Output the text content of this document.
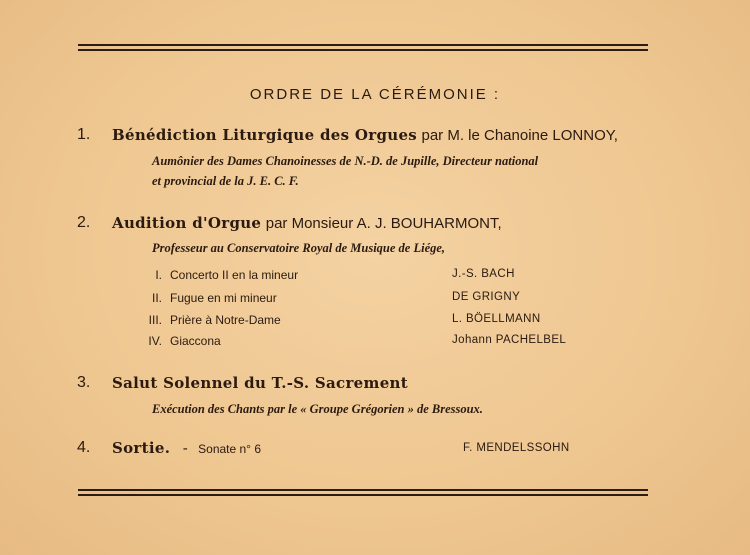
ORDRE DE LA CÉRÉMONIE :
1. Bénédiction Liturgique des Orgues par M. le Chanoine LONNOY,
Aumônier des Dames Chanoinesses de N.-D. de Jupille, Directeur national
et provincial de la J. E. C. F.
2. Audition d'Orgue par Monsieur A. J. BOUHARMONT,
Professeur au Conservatoire Royal de Musique de Liége,
I. Concerto II en la mineur	J.-S. BACH
II. Fugue en mi mineur	DE GRIGNY
III. Prière à Notre-Dame	L. BÖELLMANN
IV. Giaccona	Johann PACHELBEL
3. Salut Solennel du T.-S. Sacrement
Exécution des Chants par le « Groupe Grégorien » de Bressoux.
4. Sortie. - Sonate n° 6	F. MENDELSSOHN
